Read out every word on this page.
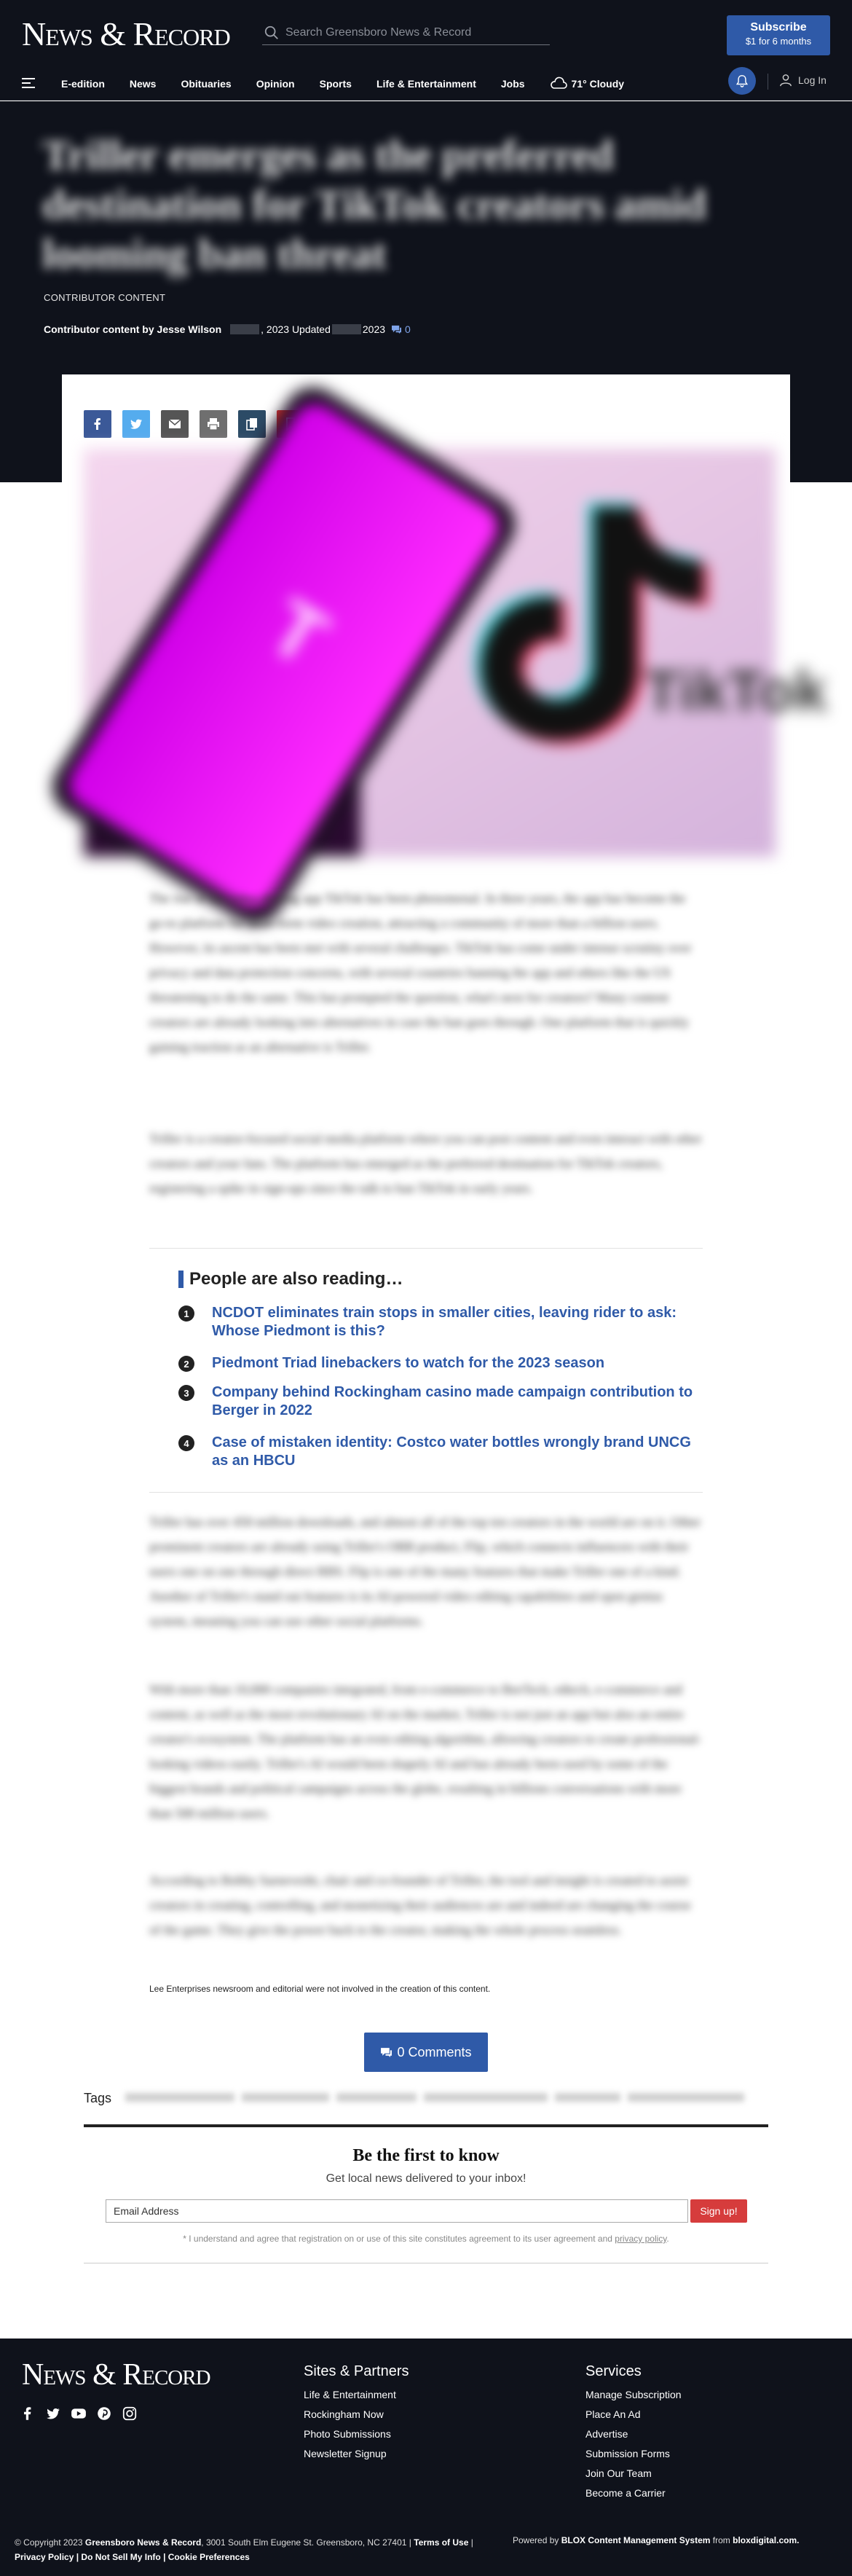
News & Record
Search Greensboro News & Record	Subscribe
$1 for 6 months
E-edition News Obituaries Opinion Sports Life & Entertainment Jobs	71° Cloudy	Log In
Triller emerges as the preferred destination for TikTok creators amid looming ban threat
CONTRIBUTOR CONTENT
Contributor content by Jesse Wilson	, 2023 Updated	2023 0
T
TikTok

The rise of the video sharing app TikTok has been phenomenal. In three years, the app has become the go-to platform for short-form video creation, attracting a community of more than a billion users. However, its ascent has been met with several challenges. TikTok has come under intense scrutiny over privacy and data protection concerns, with several countries banning the app and others like the US threatening to do the same. This has prompted the question, what's next for creators? Many content creators are already looking into alternatives in case the ban goes through. One platform that is quickly gaining traction as an alternative is Triller.

Triller is a creator-focused social media platform where you can post content and even interact with other creators and your fans. The platform has emerged as the preferred destination for TikTok creators, registering a spike in sign-ups since the talk to ban TikTok in early years.

People are also reading…
1	NCDOT eliminates train stops in smaller cities, leaving rider to ask: Whose Piedmont is this?
2	Piedmont Triad linebackers to watch for the 2023 season
3	Company behind Rockingham casino made campaign contribution to Berger in 2022
4	Case of mistaken identity: Costco water bottles wrongly brand UNCG as an HBCU

Triller has over 450 million downloads, and almost all of the top ten creators in the world are on it. Other prominent creators are already using Triller's OBB product, Flip, which connects influencers with their users one on one through direct RBS. Flip is one of the many features that make Triller one of a kind. Another of Triller's stand out features is its AI-powered video editing capabilities and open genius system, meaning you can use other social platforms.

With more than 10,000 companies integrated, from e-commerce to BeeTech, edtech, e-commerce and content, as well as the most revolutionary AI on the market, Triller is not just an app but also an entire creator's ecosystem. The platform has an even editing algorithm, allowing creators to create professional-looking videos easily. Triller's AI would been shapely AI and has already been used by some of the biggest brands and political campaigns across the globe, resulting in billions conversations with more than 500 million users.

According to Bobby Sarnevesht, chair and co-founder of Triller, the tool and insight is created to assist creators in creating, controlling, and monetizing their audiences are and indeed are changing the course of the game. They give the power back to the creator, making the whole process seamless.

Lee Enterprises newsroom and editorial were not involved in the creation of this content.
0 Comments
Tags
Be the first to know
Get local news delivered to your inbox!
Email Address
Sign up!
* I understand and agree that registration on or use of this site constitutes agreement to its user agreement and privacy policy.
News & Record	Sites & Partners
Life & Entertainment
Rockingham Now
Photo Submissions
Newsletter Signup
Services
Manage Subscription
Place An Ad
Advertise
Submission Forms
Join Our Team
Become a Carrier
© Copyright 2023 Greensboro News & Record, 3001 South Elm Eugene St. Greensboro, NC 27401 | Terms of Use |
Privacy Policy | Do Not Sell My Info | Cookie Preferences
Powered by BLOX Content Management System from bloxdigital.com.
